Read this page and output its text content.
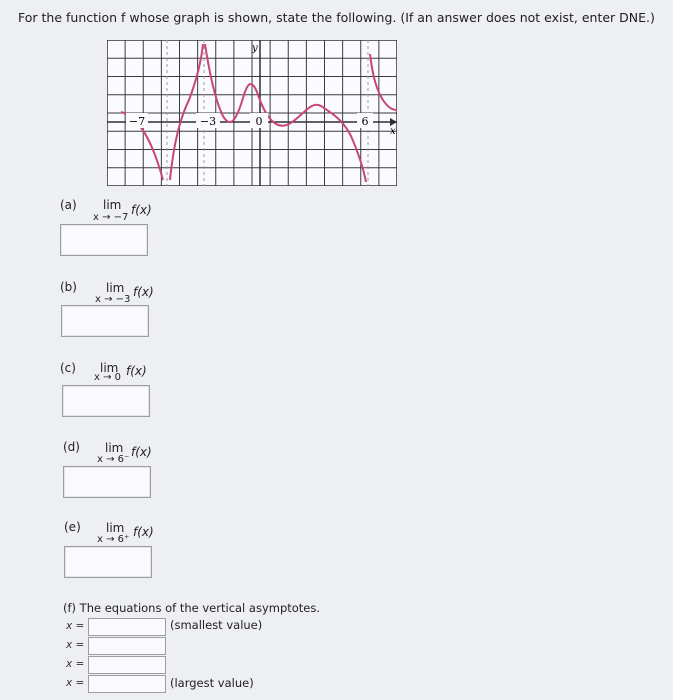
For the function f whose graph is shown, state the following. (If an answer does not exist, enter DNE.)
−7	−3	0	6
x
y
(a) lim f(x)
x → −7
(b) lim f(x)
x → −3
(c) lim f(x)
x → 0
(d) lim f(x)
x → 6⁻
(e) lim f(x)
x → 6⁺
(f) The equations of the vertical asymptotes.
x =	(smallest value)
x =
x =
x =	(largest value)
